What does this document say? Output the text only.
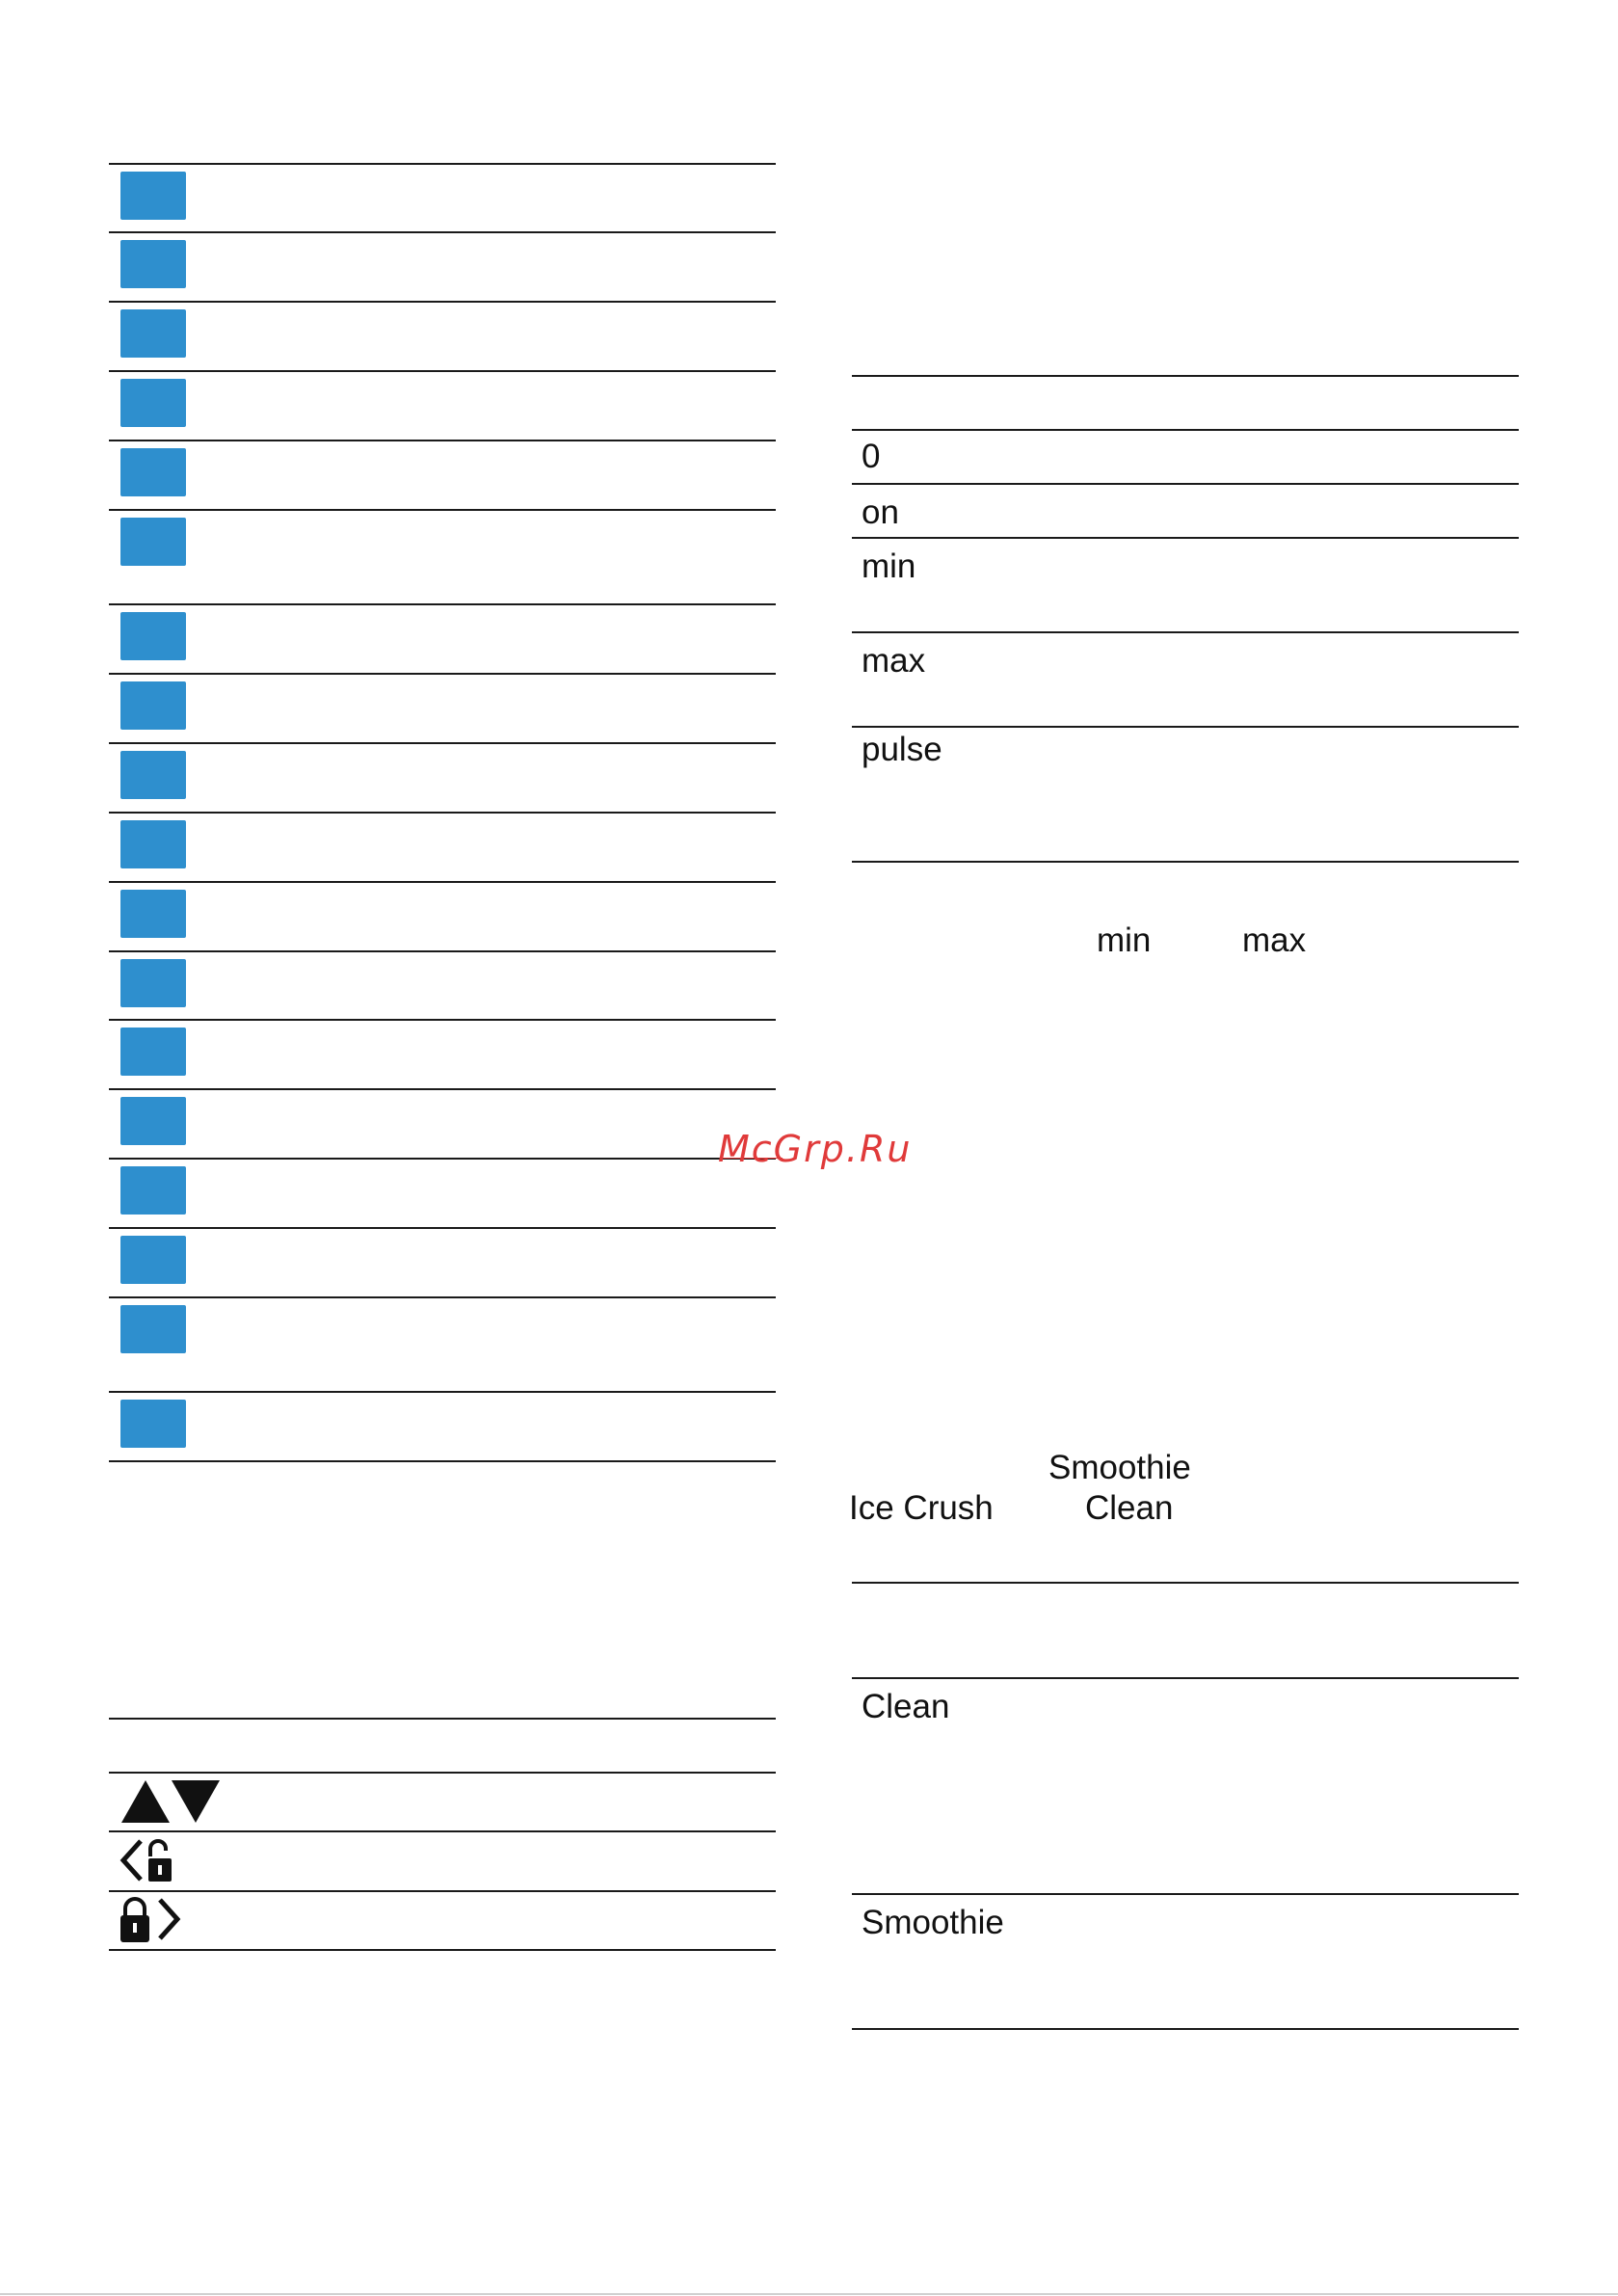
0
on
min
max
pulse
min	max
Smoothie
Ice Crush	Clean
Clean
Smoothie
McGrp.Ru
